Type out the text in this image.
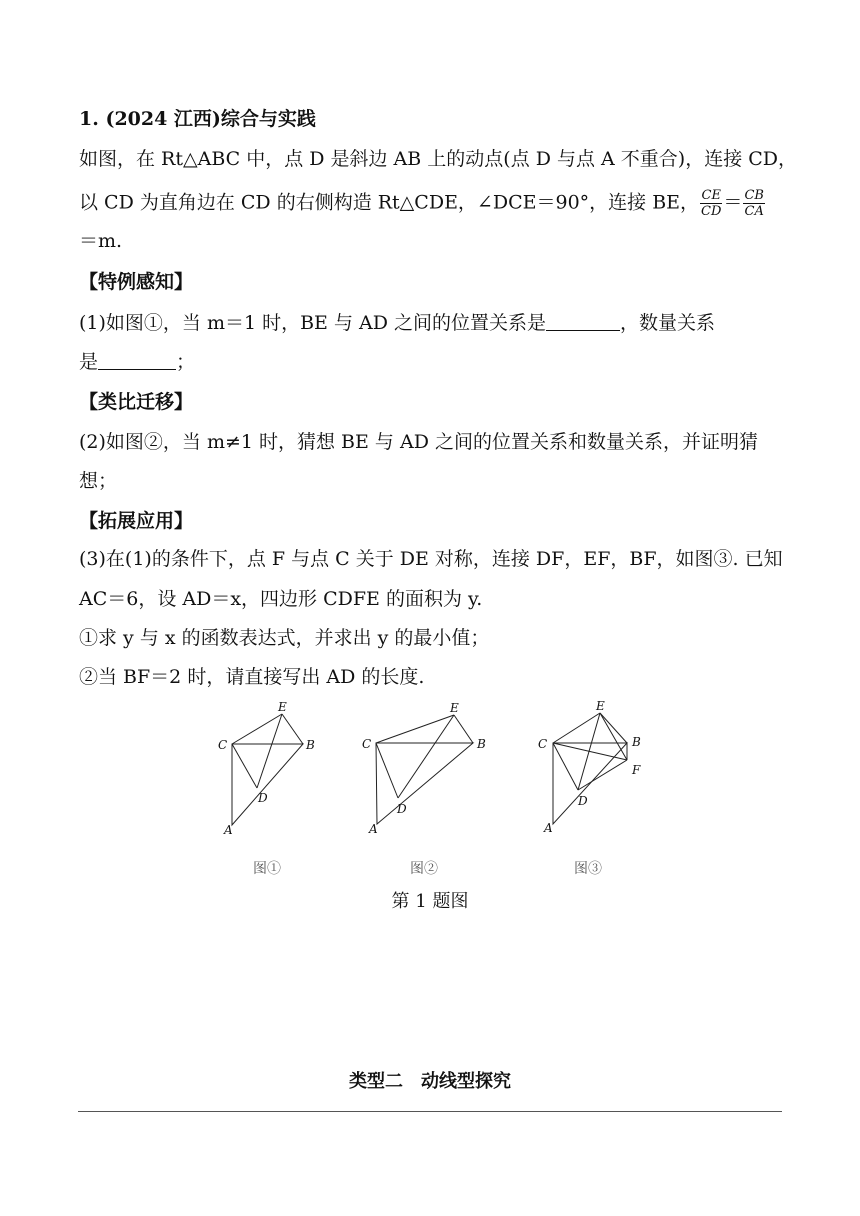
1. (2024 江西)综合与实践
如图，在 Rt△ABC 中，点 D 是斜边 AB 上的动点(点 D 与点 A 不重合)，连接 CD，
以 CD 为直角边在 CD 的右侧构造 Rt△CDE，∠DCE＝90°，连接 BE， $\frac{CE}{CD} = \frac{CB}{CA}$
＝m.
【特例感知】
(1)如图①，当 m＝1 时，BE 与 AD 之间的位置关系是	，数量关系
是	；
【类比迁移】
(2)如图②，当 m≠1 时，猜想 BE 与 AD 之间的位置关系和数量关系，并证明猜
想；
【拓展应用】
(3)在(1)的条件下，点 F 与点 C 关于 DE 对称，连接 DF，EF，BF，如图③. 已知
AC＝6，设 AD＝x，四边形 CDFE 的面积为 y.
①求 y 与 x 的函数表达式，并求出 y 的最小值；
②当 BF＝2 时，请直接写出 AD 的长度.
E
C	B
D
A
E
C	B
D
A
E
C	B
F
D
A
图①	图②	图③
第 1 题图
类型二　动线型探究
